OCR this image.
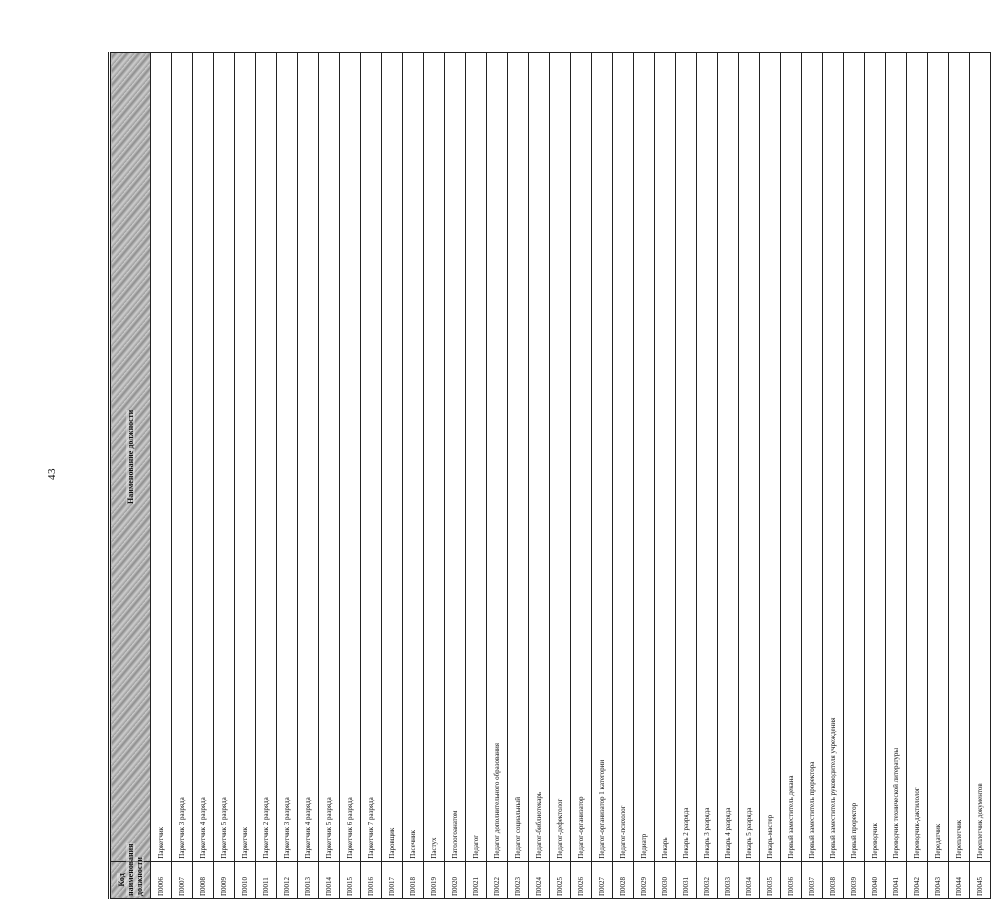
43
Код наименования должности	Наименование должности
П0006	Паркетчик
П0007	Паркетчик 3 разряда
П0008	Паркетчик 4 разряда
П0009	Паркетчик 5 разряда
П0010	Паркетчик
П0011	Паркетчик 2 разряда
П0012	Паркетчик 3 разряда
П0013	Паркетчик 4 разряда
П0014	Паркетчик 5 разряда
П0015	Паркетчик 6 разряда
П0016	Паркетчик 7 разряда
П0017	Паровщик
П0018	Пасечник
П0019	Пастух
П0020	Патологоанатом
П0021	Педагог
П0022	Педагог дополнительного образования
П0023	Педагог социальный
П0024	Педагог-библиотекарь
П0025	Педагог-дефектолог
П0026	Педагог-организатор
П0027	Педагог-организатор 1 категории
П0028	Педагог-психолог
П0029	Педиатр
П0030	Пекарь
П0031	Пекарь 2 разряда
П0032	Пекарь 3 разряда
П0033	Пекарь 4 разряда
П0034	Пекарь 5 разряда
П0035	Пекарь-мастер
П0036	Первый заместитель декана
П0037	Первый заместитель проректора
П0038	Первый заместитель руководителя учреждения
П0039	Первый проректор
П0040	Переводчик
П0041	Переводчик технической литературы
П0042	Переводчик-дактилолог
П0043	Передатчик
П0044	Переплетчик
П0045	Переплетчик документов
